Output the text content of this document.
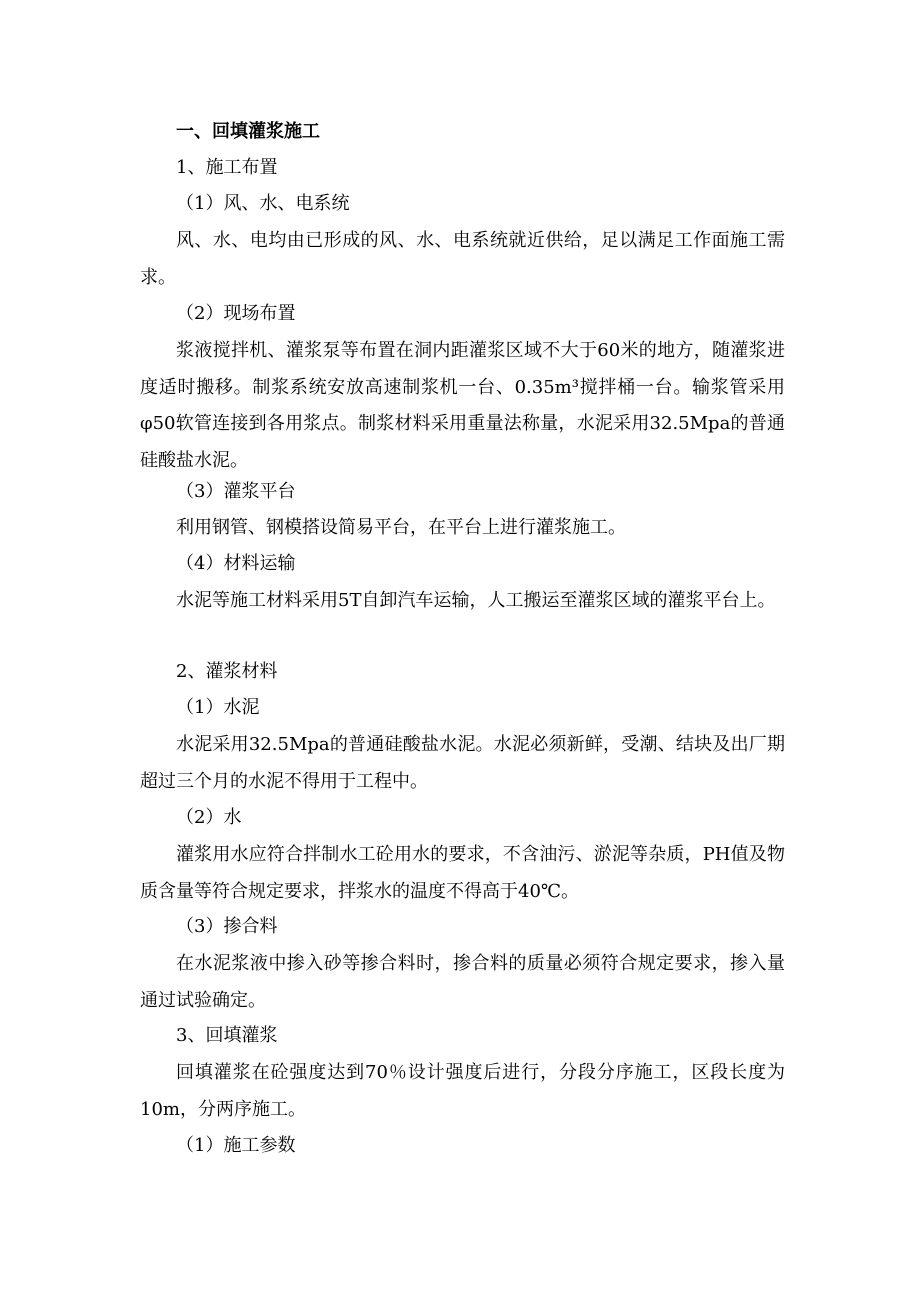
一、回填灌浆施工
1、施工布置
（1）风、水、电系统
风、水、电均由已形成的风、水、电系统就近供给，足以满足工作面施工需求。
（2）现场布置
浆液搅拌机、灌浆泵等布置在洞内距灌浆区域不大于60米的地方，随灌浆进度适时搬移。制浆系统安放高速制浆机一台、0.35m³搅拌桶一台。输浆管采用 φ50软管连接到各用浆点。制浆材料采用重量法称量，水泥采用32.5Mpa的普通硅酸盐水泥。
（3）灌浆平台
利用钢管、钢模搭设简易平台，在平台上进行灌浆施工。
（4）材料运输
水泥等施工材料采用5T自卸汽车运输，人工搬运至灌浆区域的灌浆平台上。
2、灌浆材料
（1）水泥
水泥采用32.5Mpa的普通硅酸盐水泥。水泥必须新鲜，受潮、结块及出厂期超过三个月的水泥不得用于工程中。
（2）水
灌浆用水应符合拌制水工砼用水的要求，不含油污、淤泥等杂质，PH值及物质含量等符合规定要求，拌浆水的温度不得高于40℃。
（3）掺合料
在水泥浆液中掺入砂等掺合料时，掺合料的质量必须符合规定要求，掺入量通过试验确定。
3、回填灌浆
回填灌浆在砼强度达到70％设计强度后进行，分段分序施工，区段长度为10m，分两序施工。
（1）施工参数
